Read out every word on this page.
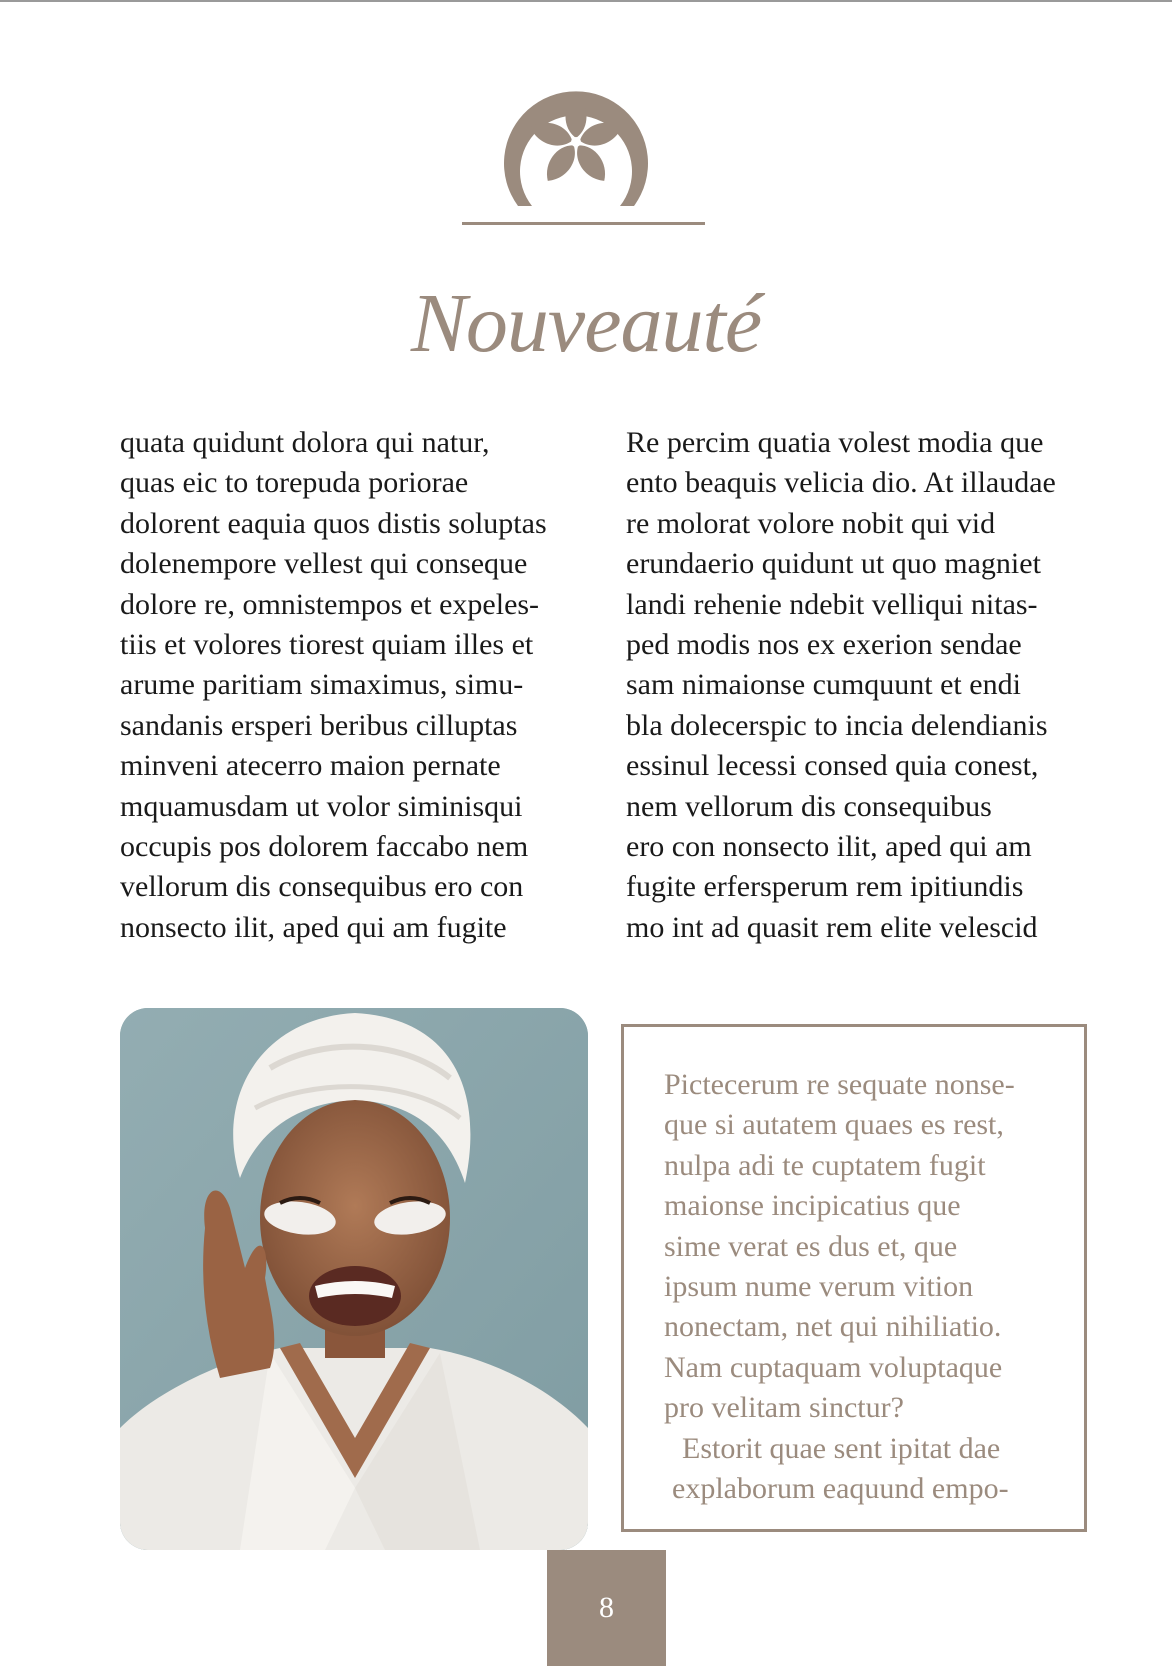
Nouveauté
quata quidunt dolora qui natur,
quas eic to torepuda poriorae
dolorent eaquia quos distis soluptas
dolenempore vellest qui conseque
dolore re, omnistempos et expeles-
tiis et volores tiorest quiam illes et
arume paritiam simaximus, simu-
sandanis ersperi beribus cilluptas
minveni atecerro maion pernate
mquamusdam ut volor siminisqui
occupis pos dolorem faccabo nem
vellorum dis consequibus ero con
nonsecto ilit, aped qui am fugite
Re percim quatia volest modia que
ento beaquis velicia dio. At illaudae
re molorat volore nobit qui vid
erundaerio quidunt ut quo magniet
landi rehenie ndebit velliqui nitas-
ped modis nos ex exerion sendae
sam nimaionse cumquunt et endi
bla dolecerspic to incia delendianis
essinul lecessi consed quia conest,
nem vellorum dis consequibus
ero con nonsecto ilit, aped qui am
fugite erfersperum rem ipitiundis
mo int ad quasit rem elite velescid
Pictecerum re sequate nonse-
que si autatem quaes es rest,
nulpa adi te cuptatem fugit
maionse incipicatius que
sime verat es dus et, que
ipsum nume verum vition
nonectam, net qui nihiliatio.
Nam cuptaquam voluptaque
pro velitam sinctur?
Estorit quae sent ipitat dae
explaborum eaquund empo-
8
